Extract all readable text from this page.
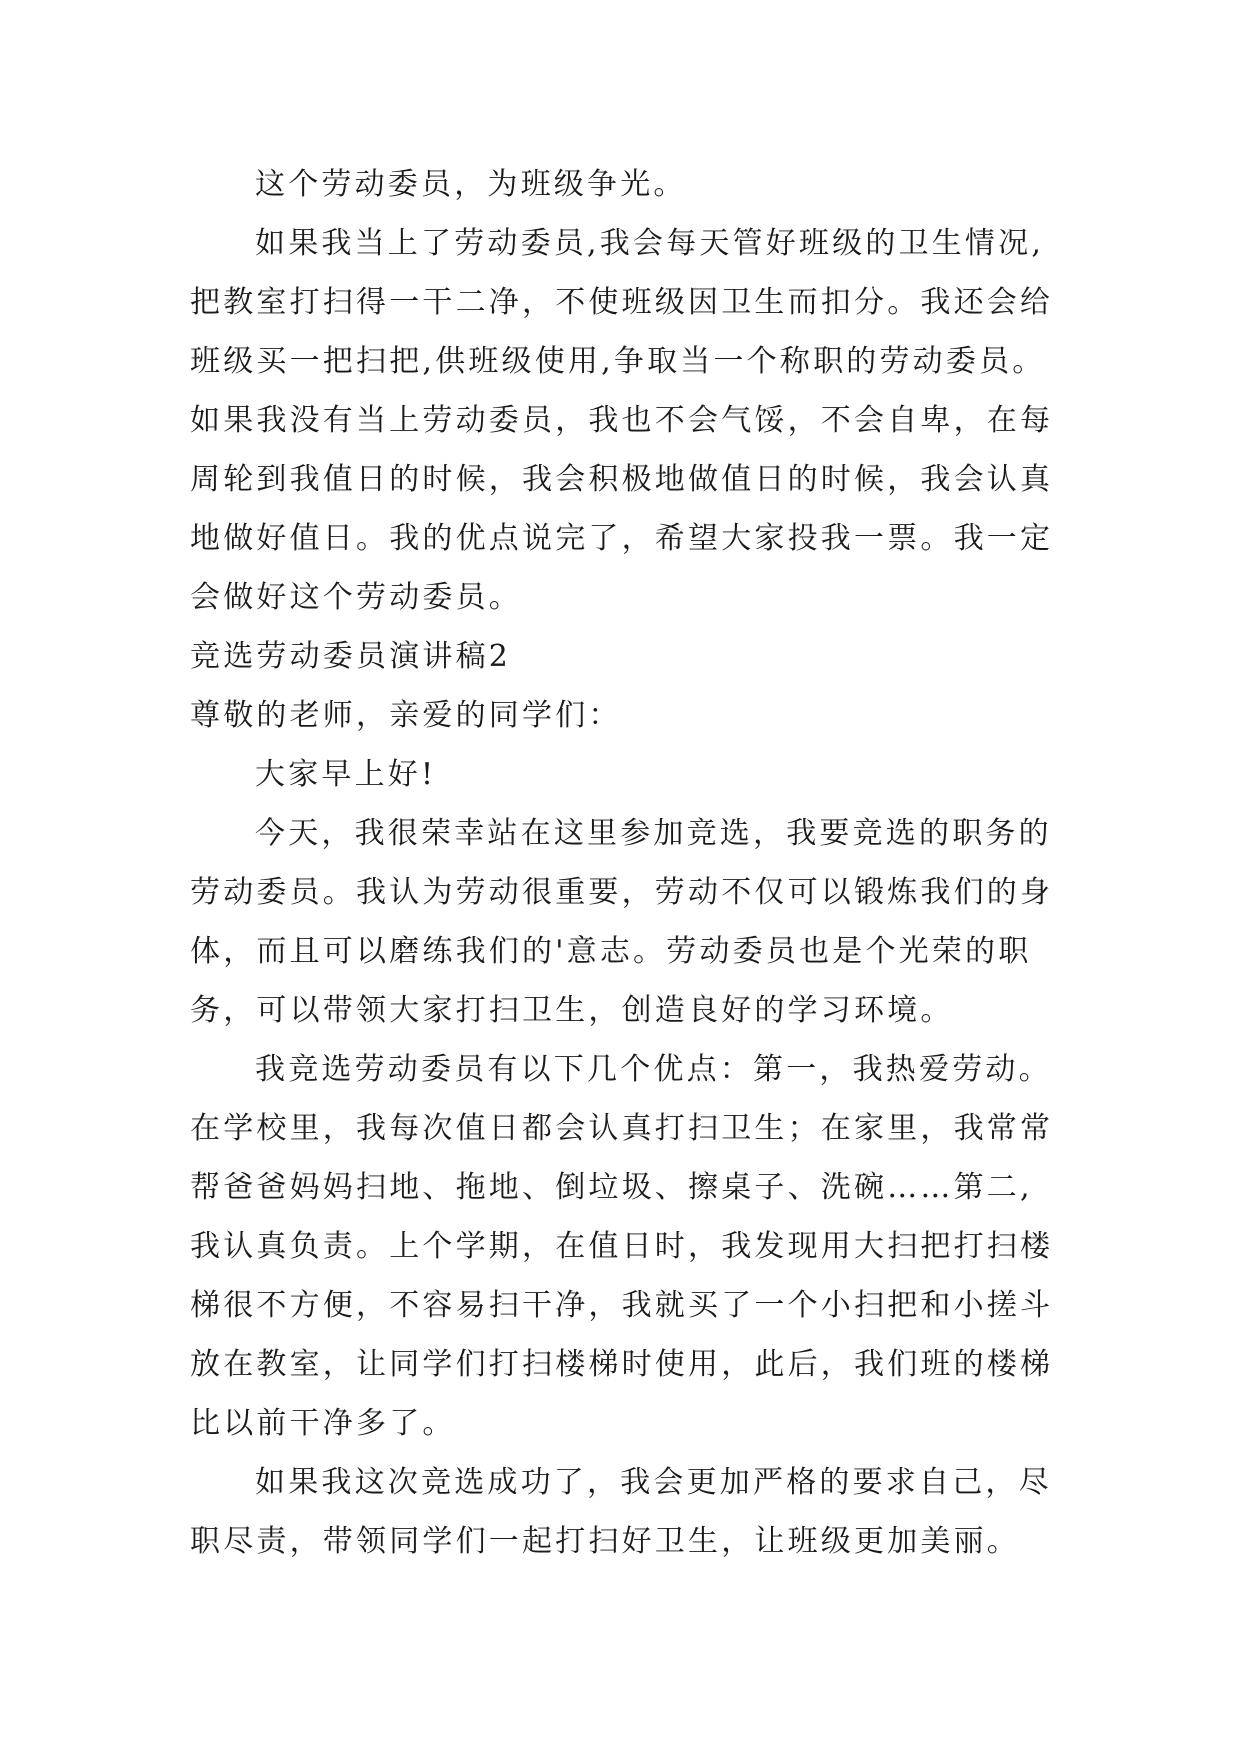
这个劳动委员，为班级争光。

如果我当上了劳动委员,我会每天管好班级的卫生情况,

把教室打扫得一干二净，不使班级因卫生而扣分。我还会给

班级买一把扫把,供班级使用,争取当一个称职的劳动委员。

如果我没有当上劳动委员，我也不会气馁，不会自卑，在每

周轮到我值日的时候，我会积极地做值日的时候，我会认真

地做好值日。我的优点说完了，希望大家投我一票。我一定

会做好这个劳动委员。

竞选劳动委员演讲稿2

尊敬的老师，亲爱的同学们：

大家早上好!

今天，我很荣幸站在这里参加竞选，我要竞选的职务的

劳动委员。我认为劳动很重要，劳动不仅可以锻炼我们的身

体，而且可以磨练我们的'意志。劳动委员也是个光荣的职

务，可以带领大家打扫卫生，创造良好的学习环境。

我竞选劳动委员有以下几个优点：第一，我热爱劳动。

在学校里，我每次值日都会认真打扫卫生；在家里，我常常

帮爸爸妈妈扫地、拖地、倒垃圾、擦桌子、洗碗……第二,

我认真负责。上个学期，在值日时，我发现用大扫把打扫楼

梯很不方便，不容易扫干净，我就买了一个小扫把和小搓斗

放在教室，让同学们打扫楼梯时使用，此后，我们班的楼梯

比以前干净多了。

如果我这次竞选成功了，我会更加严格的要求自己，尽

职尽责，带领同学们一起打扫好卫生，让班级更加美丽。
